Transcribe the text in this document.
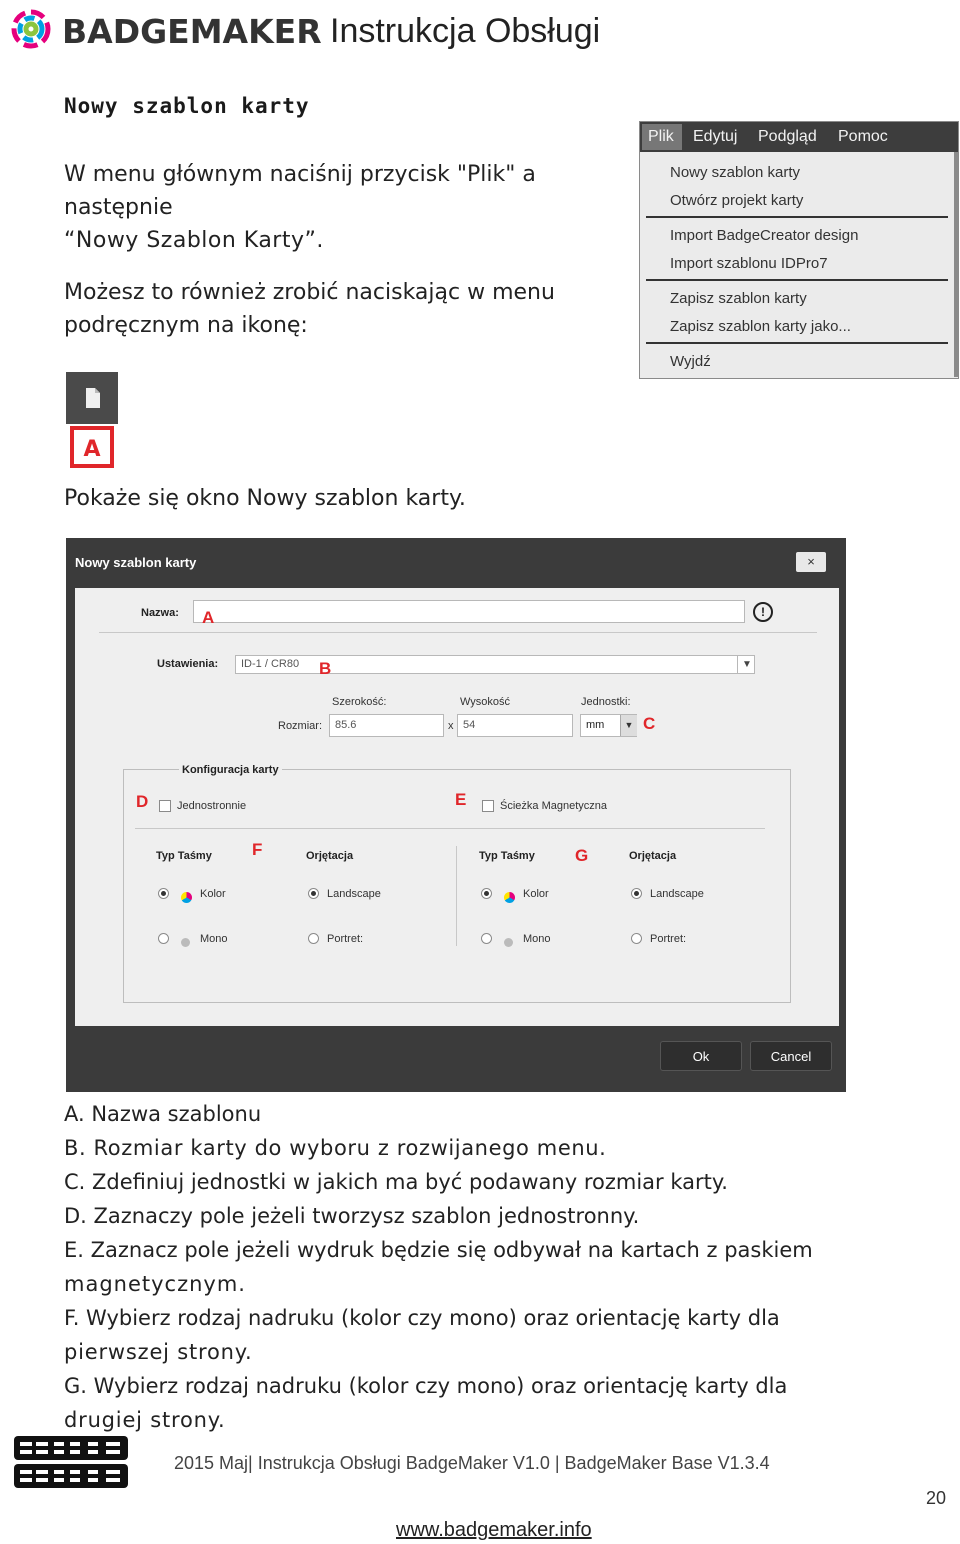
BADGEMAKER Instrukcja Obsługi
Nowy szablon karty
W menu głównym naciśnij przycisk "Plik" a
następnie
“Nowy Szablon Karty”.
Możesz to również zrobić naciskając w menu
podręcznym na ikonę:
Plik Edytuj Podgląd Pomoc
Nowy szablon karty
Otwórz projekt karty
Import BadgeCreator design
Import szablonu IDPro7
Zapisz szablon karty
Zapisz szablon karty jako...
Wyjdź
A
Pokaże się okno Nowy szablon karty.
Nowy szablon karty	×
Nazwa: A	!
Ustawienia:	ID-1 / CR80	▼
B
Szerokość:	Wysokość	Jednostki:
Rozmiar:	85.6	x 54	mm	▼ C
Konfiguracja karty
D	Jednostronnie	E	Ścieżka Magnetyczna
Typ Taśmy F	Orjętacja
Kolor	Landscape
Mono	Portret:
Typ Taśmy G	Orjętacja
Kolor	Landscape
Mono	Portret:
Ok	Cancel
A. Nazwa szablonu
B. Rozmiar karty do wyboru z rozwijanego menu.
C. Zdefiniuj jednostki w jakich ma być podawany rozmiar karty.
D. Zaznaczy pole jeżeli tworzysz szablon jednostronny.
E. Zaznacz pole jeżeli wydruk będzie się odbywał na kartach z paskiem
magnetycznym.
F. Wybierz rodzaj nadruku (kolor czy mono) oraz orientację karty dla
pierwszej strony.
G. Wybierz rodzaj nadruku (kolor czy mono) oraz orientację karty dla
drugiej strony.
2015 Maj| Instrukcja Obsługi BadgeMaker V1.0 | BadgeMaker Base V1.3.4
20
www.badgemaker.info
